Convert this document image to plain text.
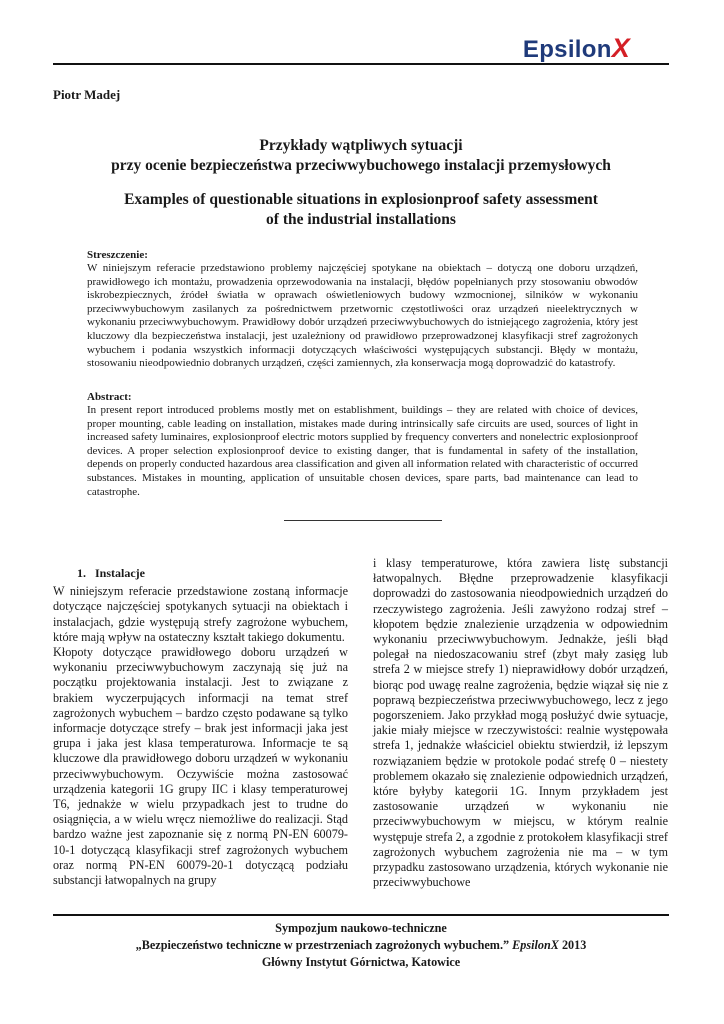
EpsilonX
Piotr Madej
Przykłady wątpliwych sytuacji
przy ocenie bezpieczeństwa przeciwwybuchowego instalacji przemysłowych
Examples of questionable situations in explosionproof safety assessment
of the industrial installations
Streszczenie:
W niniejszym referacie przedstawiono problemy najczęściej spotykane na obiektach – dotyczą one doboru urządzeń, prawidłowego ich montażu, prowadzenia oprzewodowania na instalacji, błędów popełnianych przy stosowaniu obwodów iskrobezpiecznych, źródeł światła w oprawach oświetleniowych budowy wzmocnionej, silników w wykonaniu przeciwwybuchowym zasilanych za pośrednictwem przetwornic częstotliwości oraz urządzeń nieelektrycznych w wykonaniu przeciwwybuchowym. Prawidłowy dobór urządzeń przeciwwybuchowych do istniejącego zagrożenia, który jest kluczowy dla bezpieczeństwa instalacji, jest uzależniony od prawidłowo przeprowadzonej klasyfikacji stref zagrożonych wybuchem i podania wszystkich informacji dotyczących właściwości występujących substancji. Błędy w montażu, stosowaniu nieodpowiednio dobranych urządzeń, części zamiennych, zła konserwacja mogą doprowadzić do katastrofy.
Abstract:
In present report introduced problems mostly met on establishment, buildings – they are related with choice of devices, proper mounting, cable leading on installation, mistakes made during intrinsically safe circuits are used, sources of light in increased safety luminaires, explosionproof electric motors supplied by frequency converters and nonelectric explosionproof devices. A proper selection explosionproof device to existing danger, that is fundamental in safety of the installation, depends on properly conducted hazardous area classification and given all information related with characteristic of occurred substances. Mistakes in mounting, application of unsuitable chosen devices, spare parts, bad maintenance can lead to catastrophe.
1.   Instalacje

W niniejszym referacie przedstawione zostaną informacje dotyczące najczęściej spotykanych sytuacji na obiektach i instalacjach, gdzie występują strefy zagrożone wybuchem, które mają wpływ na ostateczny kształt takiego dokumentu.

Kłopoty dotyczące prawidłowego doboru urządzeń w wykonaniu przeciwwybuchowym zaczynają się już na początku projektowania instalacji. Jest to związane z brakiem wyczerpujących informacji na temat stref zagrożonych wybuchem – bardzo często podawane są tylko informacje dotyczące strefy – brak jest informacji jaka jest grupa i jaka jest klasa temperaturowa. Informacje te są kluczowe dla prawidłowego doboru urządzeń w wykonaniu przeciwwybuchowym. Oczywiście można zastosować urządzenia kategorii 1G grupy IIC i klasy temperaturowej T6, jednakże w wielu przypadkach jest to trudne do osiągnięcia, a w wielu wręcz niemożliwe do realizacji. Stąd bardzo ważne jest zapoznanie się z normą PN-EN 60079-10-1 dotyczącą klasyfikacji stref zagrożonych wybuchem oraz normą PN-EN 60079-20-1 dotyczącą podziału substancji łatwopalnych na grupy

i klasy temperaturowe, która zawiera listę substancji łatwopalnych. Błędne przeprowadzenie klasyfikacji doprowadzi do zastosowania nieodpowiednich urządzeń do rzeczywistego zagrożenia. Jeśli zawyżono rodzaj stref – kłopotem będzie znalezienie urządzenia w odpowiednim wykonaniu przeciwwybuchowym. Jednakże, jeśli błąd polegał na niedoszacowaniu stref (zbyt mały zasięg lub strefa 2 w miejsce strefy 1) nieprawidłowy dobór urządzeń, biorąc pod uwagę realne zagrożenia, będzie wiązał się nie z poprawą bezpieczeństwa przeciwwybuchowego, lecz z jego pogorszeniem. Jako przykład mogą posłużyć dwie sytuacje, jakie miały miejsce w rzeczywistości: realnie występowała strefa 1, jednakże właściciel obiektu stwierdził, iż lepszym rozwiązaniem będzie w protokole podać strefę 0 – niestety problemem okazało się znalezienie odpowiednich urządzeń, które byłyby kategorii 1G. Innym przykładem jest zastosowanie urządzeń w wykonaniu nie przeciwwybuchowym w miejscu, w którym realnie występuje strefa 2, a zgodnie z protokołem klasyfikacji stref zagrożonych wybuchem zagrożenia nie ma – w tym przypadku zastosowano urządzenia, których wykonanie nie przeciwwybuchowe

Sympozjum naukowo-techniczne
„Bezpieczeństwo techniczne w przestrzeniach zagrożonych wybuchem.” EpsilonX 2013
Główny Instytut Górnictwa, Katowice
